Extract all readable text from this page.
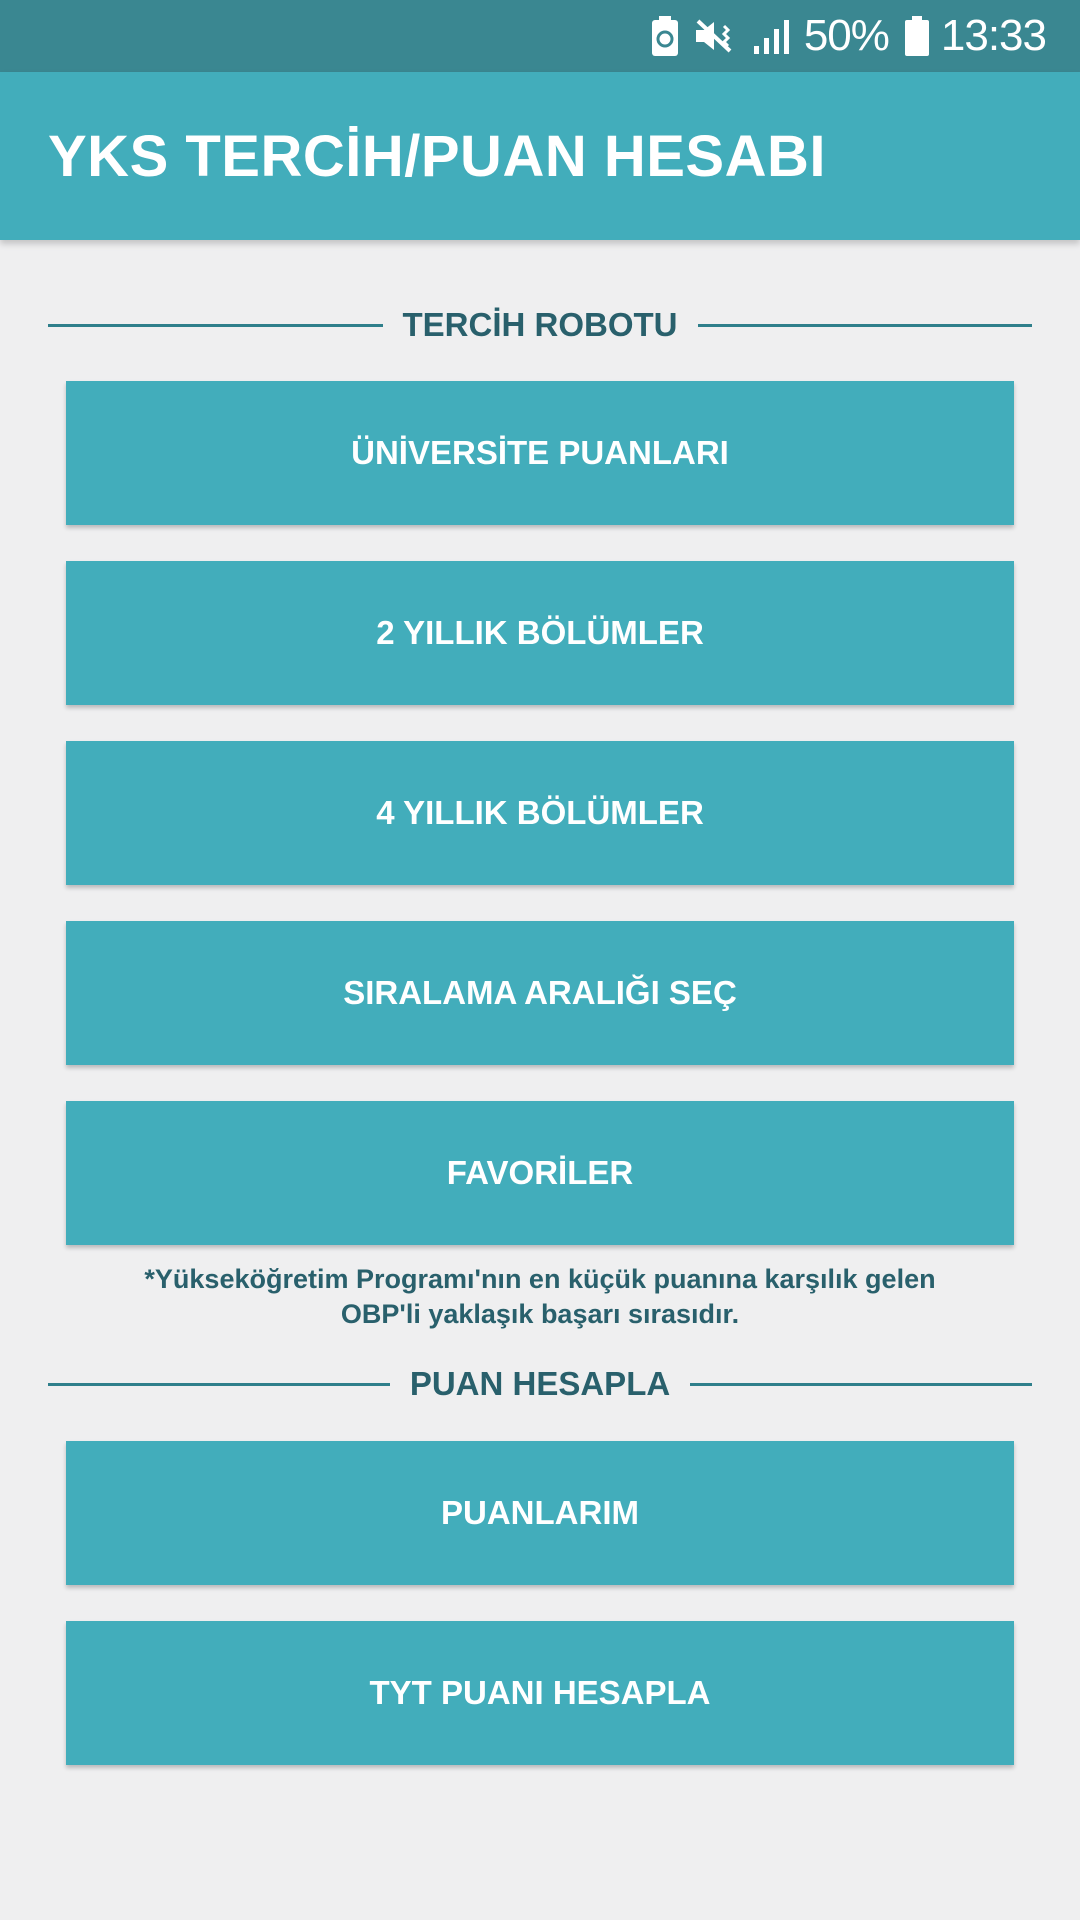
50% 13:33
YKS TERCİH/PUAN HESABI
TERCİH ROBOTU
ÜNİVERSİTE PUANLARI
2 YILLIK BÖLÜMLER
4 YILLIK BÖLÜMLER
SIRALAMA ARALIĞI SEÇ
FAVORİLER
*Yükseköğretim Programı'nın en küçük puanına karşılık gelen
OBP'li yaklaşık başarı sırasıdır.
PUAN HESAPLA
PUANLARIM
TYT PUANI HESAPLA
